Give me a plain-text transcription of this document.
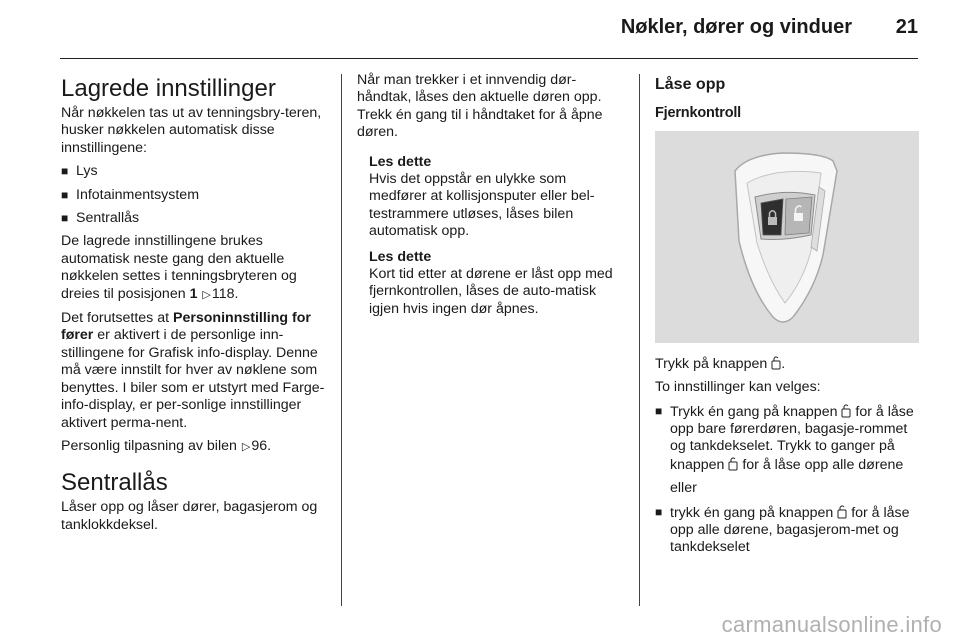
Nøkler, dører og vinduer 21
Lagrede innstillinger

Når nøkkelen tas ut av tenningsbry-teren, husker nøkkelen automatisk disse innstillingene:

■ Lys
■ Infotainmentsystem
■ Sentrallås

De lagrede innstillingene brukes automatisk neste gang den aktuelle nøkkelen settes i tenningsbryteren og dreies til posisjonen 1 ▷118.

Det forutsettes at Personinnstilling for fører er aktivert i de personlige inn-stillingene for Grafisk info-display. Denne må være innstilt for hver av nøklene som benyttes. I biler som er utstyrt med Farge-info-display, er per-sonlige innstillinger aktivert perma-nent.

Personlig tilpasning av bilen ▷96.

Sentrallås

Låser opp og låser dører, bagasjerom og tanklokkdeksel.

Når man trekker i et innvendig dør-håndtak, låses den aktuelle døren opp. Trekk én gang til i håndtaket for å åpne døren.

Les dette
Hvis det oppstår en ulykke som medfører at kollisjonsputer eller bel-testrammere utløses, låses bilen automatisk opp.
Les dette
Kort tid etter at dørene er låst opp med fjernkontrollen, låses de auto-matisk igjen hvis ingen dør åpnes.
Låse opp
Fjernkontroll

Trykk på knappen .

To innstillinger kan velges:

■ Trykk én gang på knappen for å låse opp bare førerdøren, bagasje-rommet og tankdekselet. Trykk to ganger på knappen for å låse opp alle dørene
eller
■ trykk én gang på knappen for å låse opp alle dørene, bagasjerom-met og tankdekselet
carmanualsonline.info
